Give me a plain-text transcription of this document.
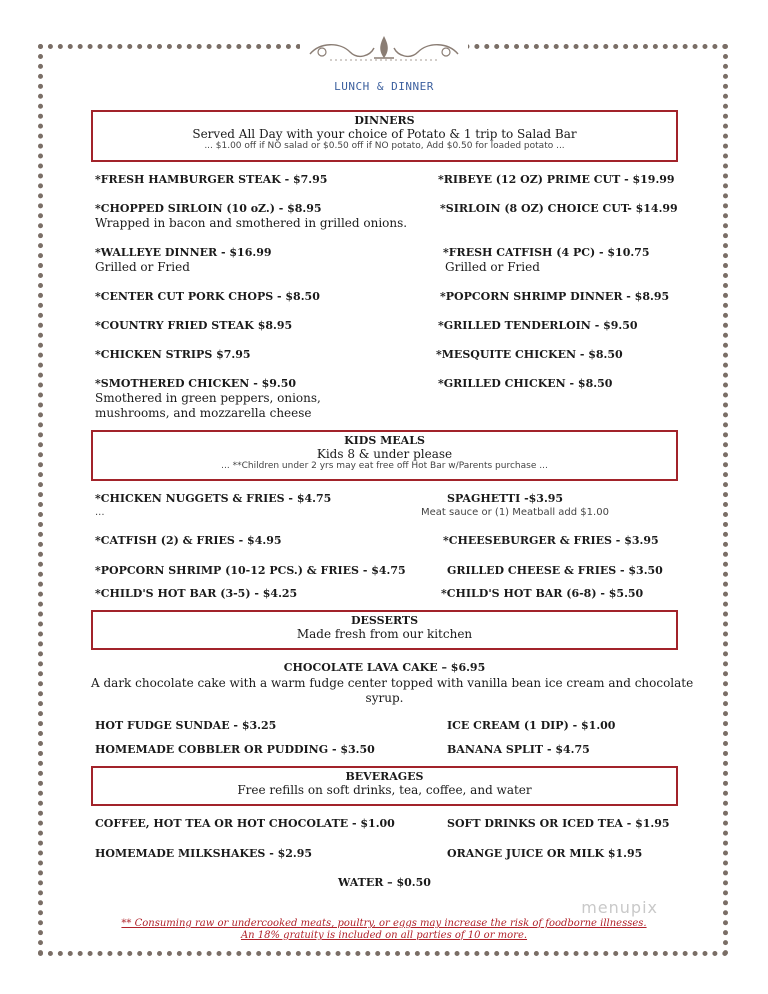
LUNCH & DINNER
DINNERS
Served All Day with your choice of Potato & 1 trip to Salad Bar
... $1.00 off if NO salad or $0.50 off if NO potato, Add $0.50 for loaded potato ...
*FRESH HAMBURGER STEAK - $7.95	*RIBEYE (12 OZ) PRIME CUT - $19.99
*CHOPPED SIRLOIN (10 oZ.) - $8.95
Wrapped in bacon and smothered in grilled onions.
*SIRLOIN (8 OZ) CHOICE CUT- $14.99
*WALLEYE DINNER - $16.99
Grilled or Fried
*FRESH CATFISH (4 PC) - $10.75
Grilled or Fried
*CENTER CUT PORK CHOPS - $8.50	*POPCORN SHRIMP DINNER - $8.95
*COUNTRY FRIED STEAK $8.95	*GRILLED TENDERLOIN - $9.50
*CHICKEN STRIPS $7.95	*MESQUITE CHICKEN - $8.50
*SMOTHERED CHICKEN - $9.50
Smothered in green peppers, onions,
mushrooms, and mozzarella cheese
*GRILLED CHICKEN - $8.50
KIDS MEALS
Kids 8 & under please
... **Children under 2 yrs may eat free off Hot Bar w/Parents purchase ...
*CHICKEN NUGGETS & FRIES - $4.75
...
SPAGHETTI -$3.95
Meat sauce or (1) Meatball add $1.00
*CATFISH (2) & FRIES - $4.95	*CHEESEBURGER & FRIES - $3.95
*POPCORN SHRIMP (10-12 PCS.) & FRIES - $4.75	GRILLED CHEESE & FRIES - $3.50
*CHILD'S HOT BAR (3-5) - $4.25	*CHILD'S HOT BAR (6-8) - $5.50
DESSERTS
Made fresh from our kitchen
CHOCOLATE LAVA CAKE – $6.95
A dark chocolate cake with a warm fudge center topped with vanilla bean ice cream and chocolate
syrup.
HOT FUDGE SUNDAE - $3.25	ICE CREAM (1 DIP) - $1.00
HOMEMADE COBBLER OR PUDDING - $3.50	BANANA SPLIT - $4.75
BEVERAGES
Free refills on soft drinks, tea, coffee, and water
COFFEE, HOT TEA OR HOT CHOCOLATE - $1.00	SOFT DRINKS OR ICED TEA - $1.95
HOMEMADE MILKSHAKES - $2.95	ORANGE JUICE OR MILK $1.95
WATER – $0.50
** Consuming raw or undercooked meats, poultry, or eggs may increase the risk of foodborne illnesses.
An 18% gratuity is included on all parties of 10 or more.
menupix
